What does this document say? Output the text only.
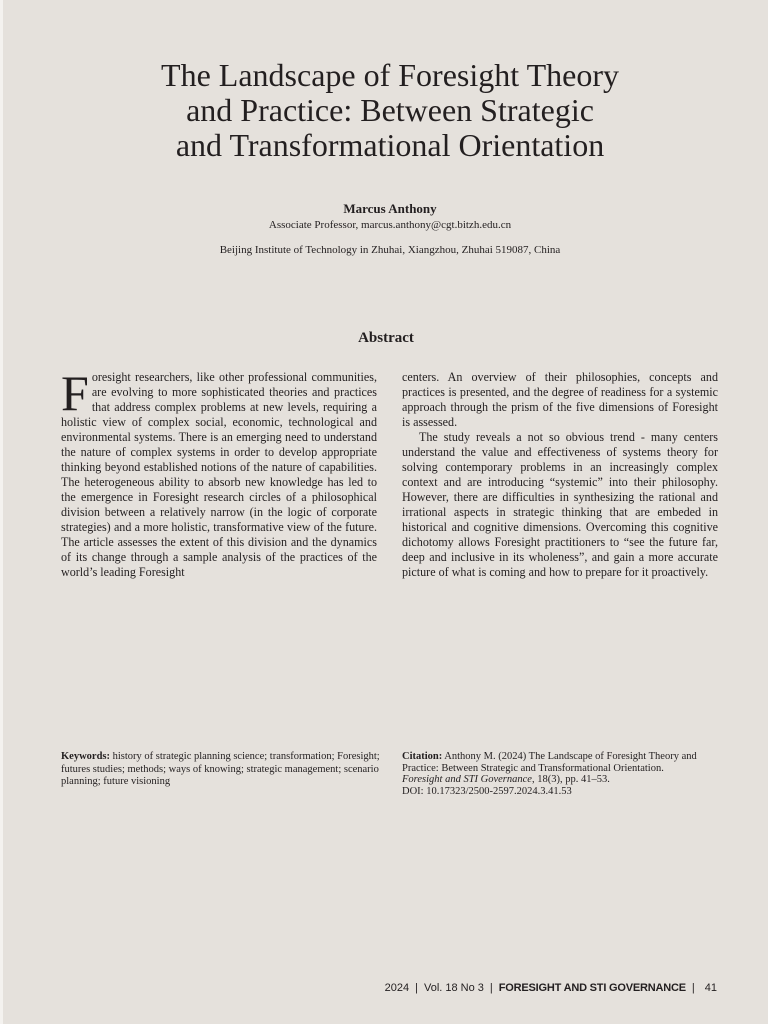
The Landscape of Foresight Theory
and Practice: Between Strategic
and Transformational Orientation
Marcus Anthony
Associate Professor, marcus.anthony@cgt.bitzh.edu.cn
Beijing Institute of Technology in Zhuhai, Xiangzhou, Zhuhai 519087, China
Abstract

Foresight researchers, like other professional communities, are evolving to more sophisticated theories and practices that address complex problems at new levels, requiring a holistic view of complex social, economic, technological and environmental systems. There is an emerging need to understand the nature of complex systems in order to develop appropriate thinking beyond established notions of the nature of capabilities. The heterogeneous ability to absorb new knowledge has led to the emergence in Foresight research circles of a philosophical division between a relatively narrow (in the logic of corporate strategies) and a more holistic, transformative view of the future. The article assesses the extent of this division and the dynamics of its change through a sample analysis of the practices of the world’s leading Foresight

centers. An overview of their philosophies, concepts and practices is presented, and the degree of readiness for a systemic approach through the prism of the five dimensions of Foresight is assessed.

The study reveals a not so obvious trend - many centers understand the value and effectiveness of systems theory for solving contemporary problems in an increasingly complex context and are introducing “systemic” into their philosophy. However, there are difficulties in synthesizing the rational and irrational aspects in strategic thinking that are embeded in historical and cognitive dimensions. Overcoming this cognitive dichotomy allows Foresight practitioners to “see the future far, deep and inclusive in its wholeness”, and gain a more accurate picture of what is coming and how to prepare for it proactively.

Keywords: history of strategic planning science; transformation; Foresight; futures studies; methods; ways of knowing; strategic management; scenario planning; future visioning
Citation: Anthony M. (2024) The Landscape of Foresight Theory and Practice: Between Strategic and Transformational Orientation.
Foresight and STI Governance, 18(3), pp. 41–53.
DOI: 10.17323/2500-2597.2024.3.41.53
2024 | Vol. 18 No 3 | FORESIGHT AND STI GOVERNANCE | 41
